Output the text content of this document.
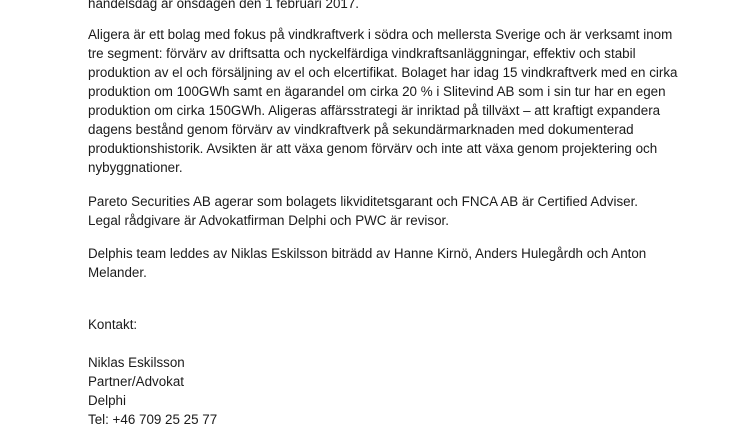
handelsdag är onsdagen den 1 februari 2017.
Aligera är ett bolag med fokus på vindkraftverk i södra och mellersta Sverige och är verksamt inom
tre segment: förvärv av driftsatta och nyckelfärdiga vindkraftsanläggningar, effektiv och stabil
produktion av el och försäljning av el och elcertifikat. Bolaget har idag 15 vindkraftverk med en cirka
produktion om 100GWh samt en ägarandel om cirka 20 % i Slitevind AB som i sin tur har en egen
produktion om cirka 150GWh. Aligeras affärsstrategi är inriktad på tillväxt – att kraftigt expandera
dagens bestånd genom förvärv av vindkraftverk på sekundärmarknaden med dokumenterad
produktionshistorik. Avsikten är att växa genom förvärv och inte att växa genom projektering och
nybyggnationer.
Pareto Securities AB agerar som bolagets likviditetsgarant och FNCA AB är Certified Adviser.
Legal rådgivare är Advokatfirman Delphi och PWC är revisor.
Delphis team leddes av Niklas Eskilsson biträdd av Hanne Kirnö, Anders Hulegårdh och Anton
Melander.
Kontakt:
Niklas Eskilsson
Partner/Advokat
Delphi
Tel: +46 709 25 25 77
